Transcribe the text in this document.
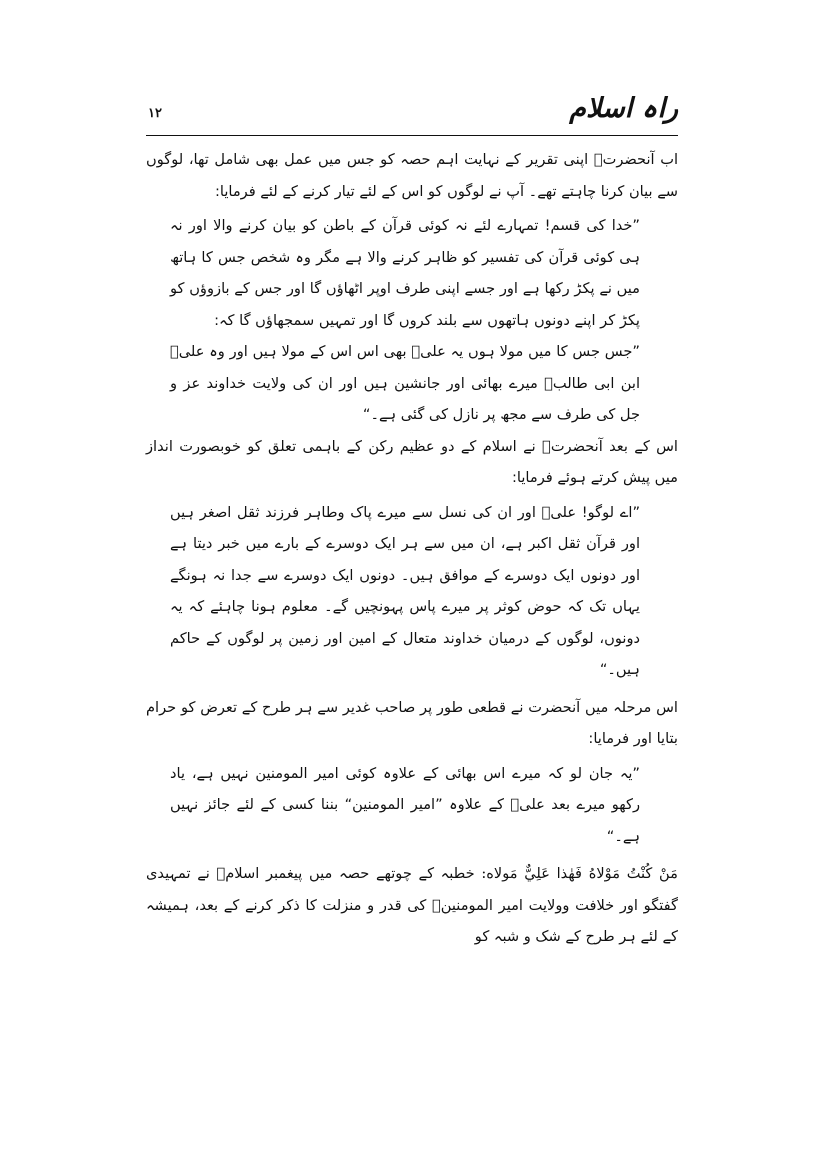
راہ اسلام
۱۲

اب آنحضرتؐ اپنی تقریر کے نہایت اہم حصہ کو جس میں عمل بھی شامل تھا، لوگوں سے بیان کرنا چاہتے تھے۔ آپ نے لوگوں کو اس کے لئے تیار کرنے کے لئے فرمایا:

”خدا کی قسم! تمہارے لئے نہ کوئی قرآن کے باطن کو بیان کرنے والا اور نہ ہی کوئی قرآن کی تفسیر کو ظاہر کرنے والا ہے مگر وہ شخص جس کا ہاتھ میں نے پکڑ رکھا ہے اور جسے اپنی طرف اوپر اٹھاؤں گا اور جس کے بازوؤں کو پکڑ کر اپنے دونوں ہاتھوں سے بلند کروں گا اور تمہیں سمجھاؤں گا کہ:

”جس جس کا میں مولا ہوں یہ علیؑ بھی اس اس کے مولا ہیں اور وہ علیؑ ابن ابی طالبؑ میرے بھائی اور جانشین ہیں اور ان کی ولایت خداوند عز و جل کی طرف سے مجھ پر نازل کی گئی ہے۔“

اس کے بعد آنحضرتؐ نے اسلام کے دو عظیم رکن کے باہمی تعلق کو خوبصورت انداز میں پیش کرتے ہوئے فرمایا:

”اے لوگو! علیؑ اور ان کی نسل سے میرے پاک وطاہر فرزند ثقل اصغر ہیں اور قرآن ثقل اکبر ہے، ان میں سے ہر ایک دوسرے کے بارے میں خبر دیتا ہے اور دونوں ایک دوسرے کے موافق ہیں۔ دونوں ایک دوسرے سے جدا نہ ہونگے یہاں تک کہ حوض کوثر پر میرے پاس پہونچیں گے۔ معلوم ہونا چاہئے کہ یہ دونوں، لوگوں کے درمیان خداوند متعال کے امین اور زمین پر لوگوں کے حاکم ہیں۔“

اس مرحلہ میں آنحضرت نے قطعی طور پر صاحب غدیر سے ہر طرح کے تعرض کو حرام بتایا اور فرمایا:

”یہ جان لو کہ میرے اس بھائی کے علاوہ کوئی امیر المومنین نہیں ہے، یاد رکھو میرے بعد علیؑ کے علاوہ ”امیر المومنین“ بننا کسی کے لئے جائز نہیں ہے۔“

مَنْ كُنْتُ مَوْلاهُ فَهٰذا عَلِيٌّ مَولاه: خطبہ کے چوتھے حصہ میں پیغمبر اسلامؐ نے تمہیدی گفتگو اور خلافت وولایت امیر المومنینؑ کی قدر و منزلت کا ذکر کرنے کے بعد، ہمیشہ کے لئے ہر طرح کے شک و شبہ کو
